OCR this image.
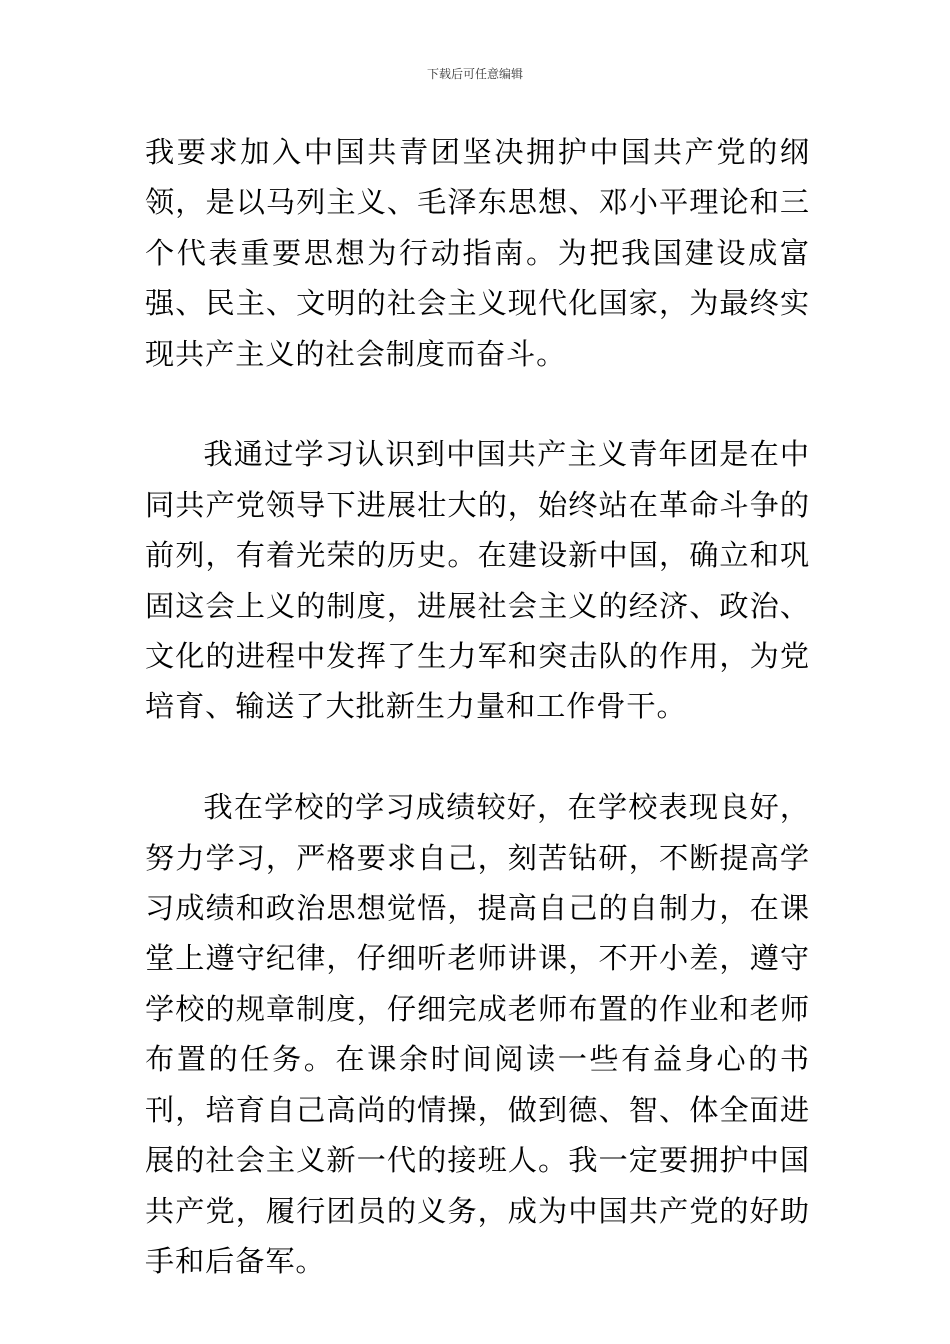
下载后可任意编辑

我要求加入中国共青团坚决拥护中国共产党的纲领，是以马列主义、毛泽东思想、邓小平理论和三个代表重要思想为行动指南。为把我国建设成富强、民主、文明的社会主义现代化国家，为最终实现共产主义的社会制度而奋斗。

我通过学习认识到中国共产主义青年团是在中同共产党领导下进展壮大的，始终站在革命斗争的前列，有着光荣的历史。在建设新中国，确立和巩固这会上义的制度，进展社会主义的经济、政治、文化的进程中发挥了生力军和突击队的作用，为党培育、输送了大批新生力量和工作骨干。

我在学校的学习成绩较好，在学校表现良好，努力学习，严格要求自己，刻苦钻研，不断提高学习成绩和政治思想觉悟，提高自己的自制力，在课堂上遵守纪律，仔细听老师讲课，不开小差，遵守学校的规章制度，仔细完成老师布置的作业和老师布置的任务。在课余时间阅读一些有益身心的书刊，培育自己高尚的情操，做到德、智、体全面进展的社会主义新一代的接班人。我一定要拥护中国共产党，履行团员的义务，成为中国共产党的好助手和后备军。
